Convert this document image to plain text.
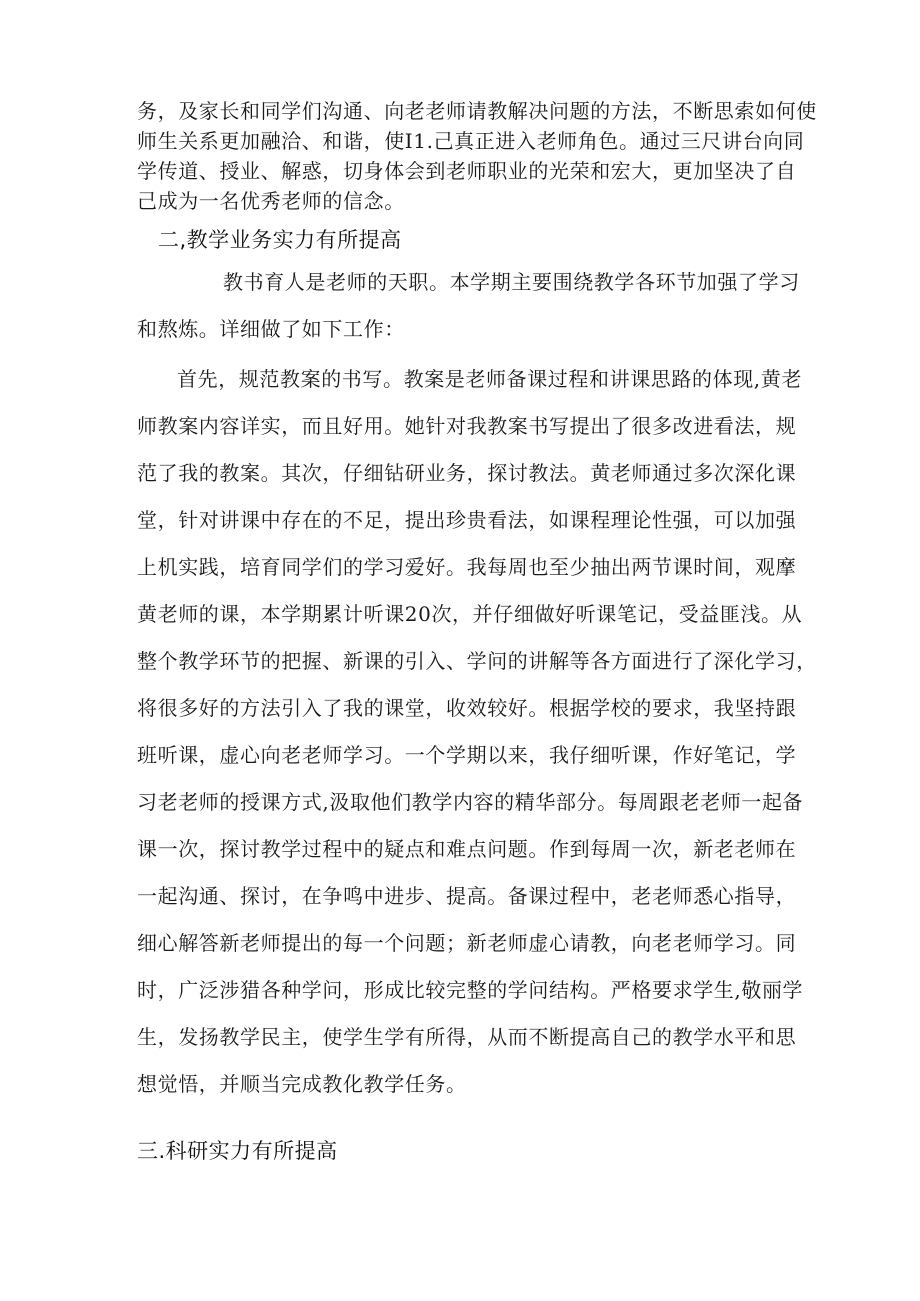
务，及家长和同学们沟通、向老老师请教解决问题的方法，不断思索如何使
师生关系更加融洽、和谐，使Ⅰ1.己真正进入老师角色。通过三尺讲台向同
学传道、授业、解惑，切身体会到老师职业的光荣和宏大，更加坚决了自
己成为一名优秀老师的信念。
二,教学业务实力有所提高
教书育人是老师的天职。本学期主要围绕教学各环节加强了学习
和熬炼。详细做了如下工作：
首先，规范教案的书写。教案是老师备课过程和讲课思路的体现,黄老
师教案内容详实，而且好用。她针对我教案书写提出了很多改进看法，规
范了我的教案。其次，仔细钻研业务，探讨教法。黄老师通过多次深化课
堂，针对讲课中存在的不足，提出珍贵看法，如课程理论性强，可以加强
上机实践，培育同学们的学习爱好。我每周也至少抽出两节课时间，观摩
黄老师的课，本学期累计听课20次，并仔细做好听课笔记，受益匪浅。从
整个教学环节的把握、新课的引入、学问的讲解等各方面进行了深化学习，
将很多好的方法引入了我的课堂，收效较好。根据学校的要求，我坚持跟
班听课，虚心向老老师学习。一个学期以来，我仔细听课，作好笔记，学
习老老师的授课方式,汲取他们教学内容的精华部分。每周跟老老师一起备
课一次，探讨教学过程中的疑点和难点问题。作到每周一次，新老老师在
一起沟通、探讨，在争鸣中进步、提高。备课过程中，老老师悉心指导，
细心解答新老师提出的每一个问题；新老师虚心请教，向老老师学习。同
时，广泛涉猎各种学问，形成比较完整的学问结构。严格要求学生,敬丽学
生，发扬教学民主，使学生学有所得，从而不断提高自己的教学水平和思
想觉悟，并顺当完成教化教学任务。
三.科研实力有所提高
